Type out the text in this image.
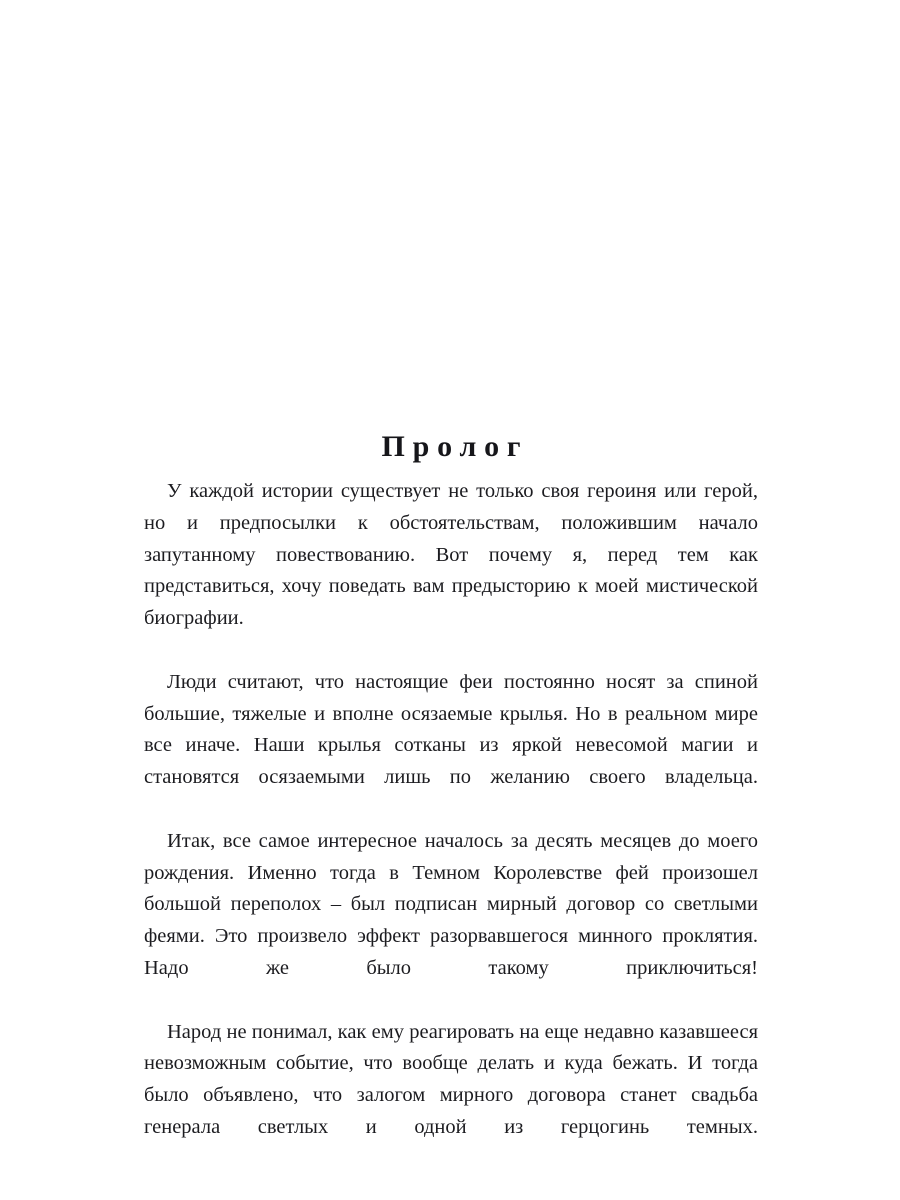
Пролог

У каждой истории существует не только своя героиня или герой, но и предпосылки к обстоятельствам, положившим начало запутанному повествованию. Вот почему я, перед тем как представиться, хочу поведать вам предысторию к моей мистической биографии.

Люди считают, что настоящие феи постоянно носят за спиной большие, тяжелые и вполне осязаемые крылья. Но в реальном мире все иначе. Наши крылья сотканы из яркой невесомой магии и становятся осязаемыми лишь по желанию своего владельца.

Итак, все самое интересное началось за десять месяцев до моего рождения. Именно тогда в Темном Королевстве фей произошел большой переполох – был подписан мирный договор со светлыми феями. Это произвело эффект разорвавшегося минного проклятия. Надо же было такому приключиться!

Народ не понимал, как ему реагировать на еще недавно казавшееся невозможным событие, что вообще делать и куда бежать. И тогда было объявлено, что залогом мирного договора станет свадьба генерала светлых и одной из герцогинь темных.
